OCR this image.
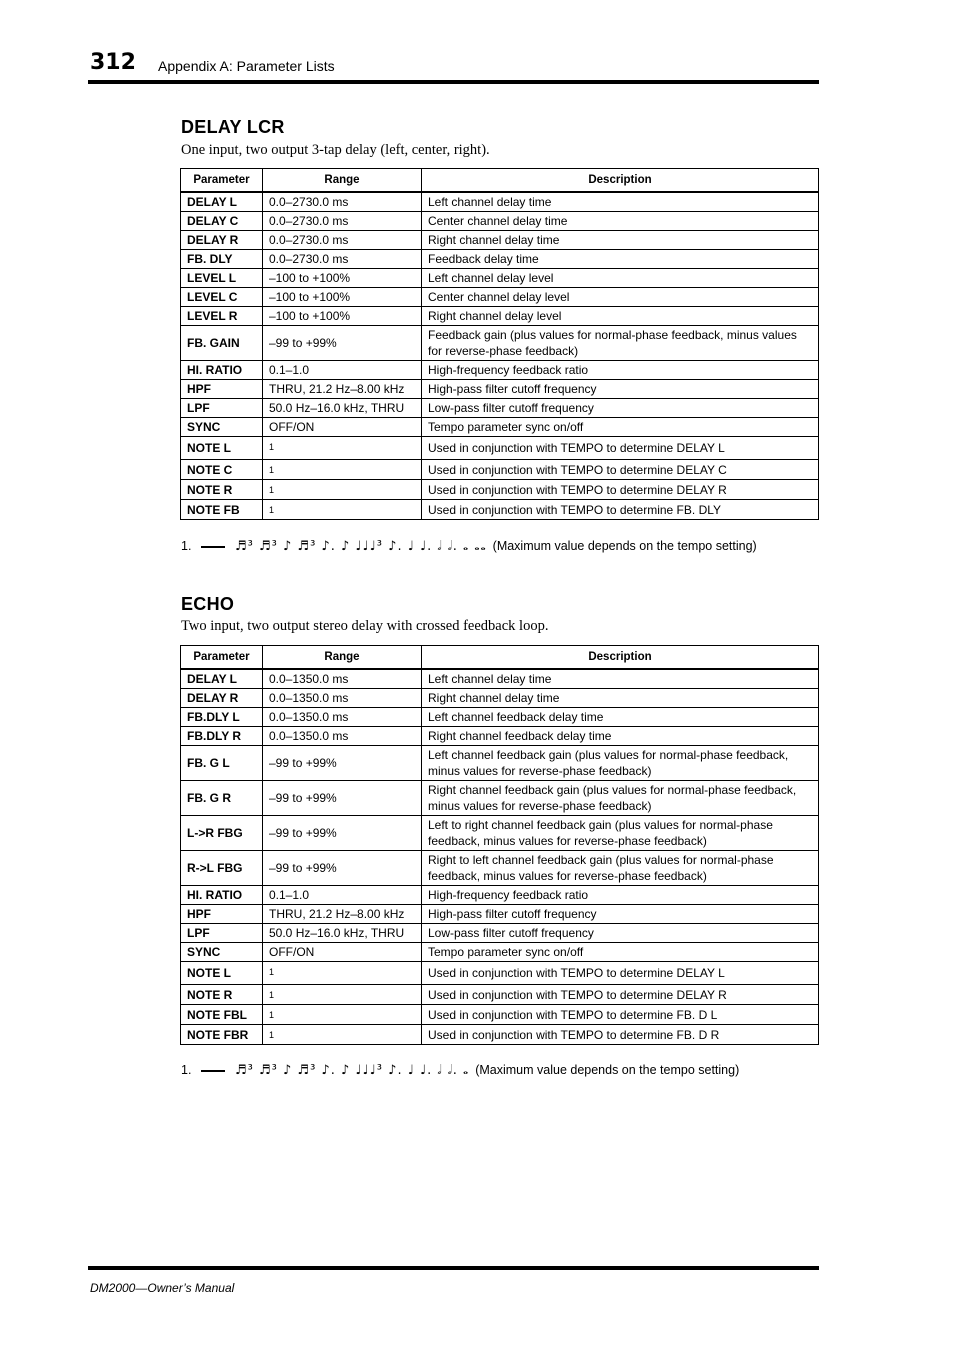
312 Appendix A: Parameter Lists
DELAY LCR
One input, two output 3-tap delay (left, center, right).
Parameter	Range	Description
DELAY L	0.0–2730.0 ms	Left channel delay time
DELAY C	0.0–2730.0 ms	Center channel delay time
DELAY R	0.0–2730.0 ms	Right channel delay time
FB. DLY	0.0–2730.0 ms	Feedback delay time
LEVEL L	–100 to +100%	Left channel delay level
LEVEL C	–100 to +100%	Center channel delay level
LEVEL R	–100 to +100%	Right channel delay level
FB. GAIN	–99 to +99%	Feedback gain (plus values for normal-phase feedback, minus values for reverse-phase feedback)
HI. RATIO	0.1–1.0	High-frequency feedback ratio
HPF	THRU, 21.2 Hz–8.00 kHz	High-pass filter cutoff frequency
LPF	50.0 Hz–16.0 kHz, THRU	Low-pass filter cutoff frequency
SYNC	OFF/ON	Tempo parameter sync on/off
NOTE L	1	Used in conjunction with TEMPO to determine DELAY L
NOTE C	1	Used in conjunction with TEMPO to determine DELAY C
NOTE R	1	Used in conjunction with TEMPO to determine DELAY R
NOTE FB	1	Used in conjunction with TEMPO to determine FB. DLY
1.	♬³ ♬³ ♪ ♬³ ♪. ♪ ♩♩♩³ ♪. ♩ ♩. 𝅗𝅥 𝅗𝅥. 𝅝 𝅝𝅝 (Maximum value depends on the tempo setting)
ECHO
Two input, two output stereo delay with crossed feedback loop.
Parameter	Range	Description
DELAY L	0.0–1350.0 ms	Left channel delay time
DELAY R	0.0–1350.0 ms	Right channel delay time
FB.DLY L	0.0–1350.0 ms	Left channel feedback delay time
FB.DLY R	0.0–1350.0 ms	Right channel feedback delay time
FB. G L	–99 to +99%	Left channel feedback gain (plus values for normal-phase feedback, minus values for reverse-phase feedback)
FB. G R	–99 to +99%	Right channel feedback gain (plus values for normal-phase feedback, minus values for reverse-phase feedback)
L->R FBG	–99 to +99%	Left to right channel feedback gain (plus values for normal-phase feedback, minus values for reverse-phase feedback)
R->L FBG	–99 to +99%	Right to left channel feedback gain (plus values for normal-phase feedback, minus values for reverse-phase feedback)
HI. RATIO	0.1–1.0	High-frequency feedback ratio
HPF	THRU, 21.2 Hz–8.00 kHz	High-pass filter cutoff frequency
LPF	50.0 Hz–16.0 kHz, THRU	Low-pass filter cutoff frequency
SYNC	OFF/ON	Tempo parameter sync on/off
NOTE L	1	Used in conjunction with TEMPO to determine DELAY L
NOTE R	1	Used in conjunction with TEMPO to determine DELAY R
NOTE FBL	1	Used in conjunction with TEMPO to determine FB. D L
NOTE FBR	1	Used in conjunction with TEMPO to determine FB. D R
1.	♬³ ♬³ ♪ ♬³ ♪. ♪ ♩♩♩³ ♪. ♩ ♩. 𝅗𝅥 𝅗𝅥. 𝅝 (Maximum value depends on the tempo setting)
DM2000—Owner’s Manual
